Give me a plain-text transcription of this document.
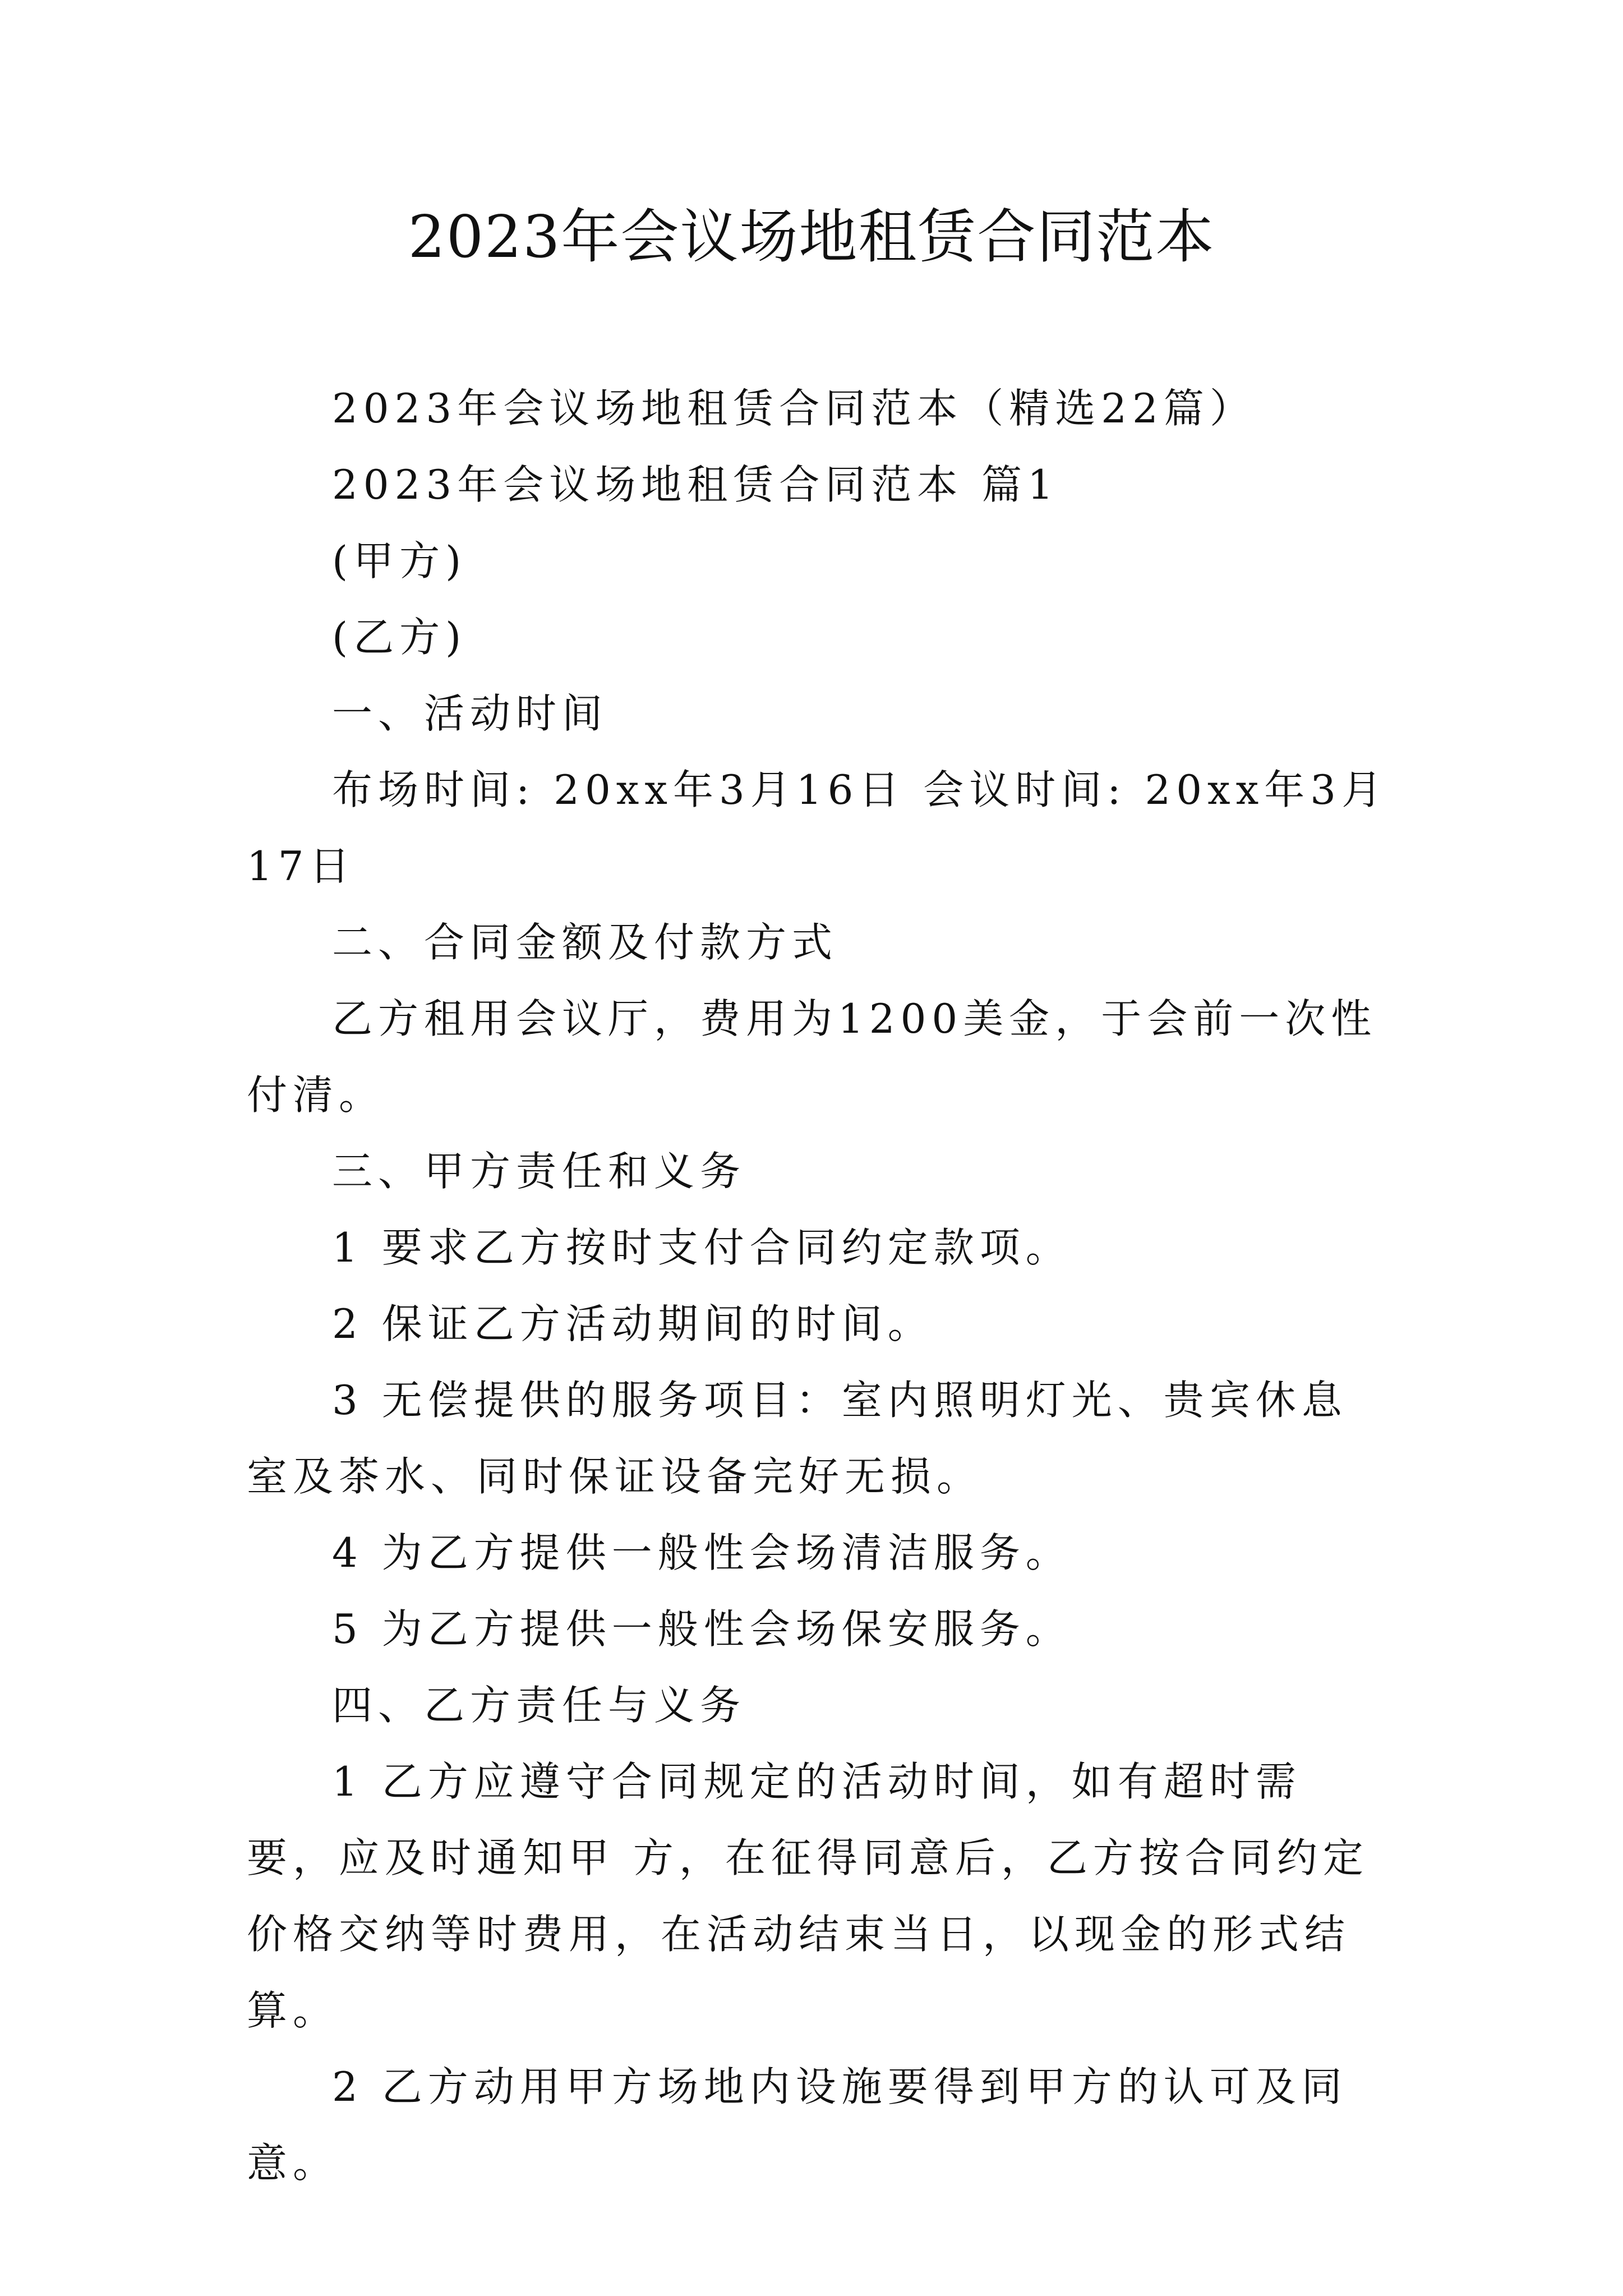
2023年会议场地租赁合同范本

2023年会议场地租赁合同范本（精选22篇）

2023年会议场地租赁合同范本 篇1

(甲方)

(乙方)

一、活动时间

布场时间: 20xx年3月16日 会议时间: 20xx年3月17日

二、合同金额及付款方式

乙方租用会议厅，费用为1200美金，于会前一次性付清。

三、甲方责任和义务

1 要求乙方按时支付合同约定款项。

2 保证乙方活动期间的时间。

3 无偿提供的服务项目：室内照明灯光、贵宾休息室及茶水、同时保证设备完好无损。

4 为乙方提供一般性会场清洁服务。

5 为乙方提供一般性会场保安服务。

四、乙方责任与义务

1 乙方应遵守合同规定的活动时间，如有超时需要，应及时通知甲 方，在征得同意后，乙方按合同约定价格交纳等时费用，在活动结束当日，以现金的形式结算。

2 乙方动用甲方场地内设施要得到甲方的认可及同意。
